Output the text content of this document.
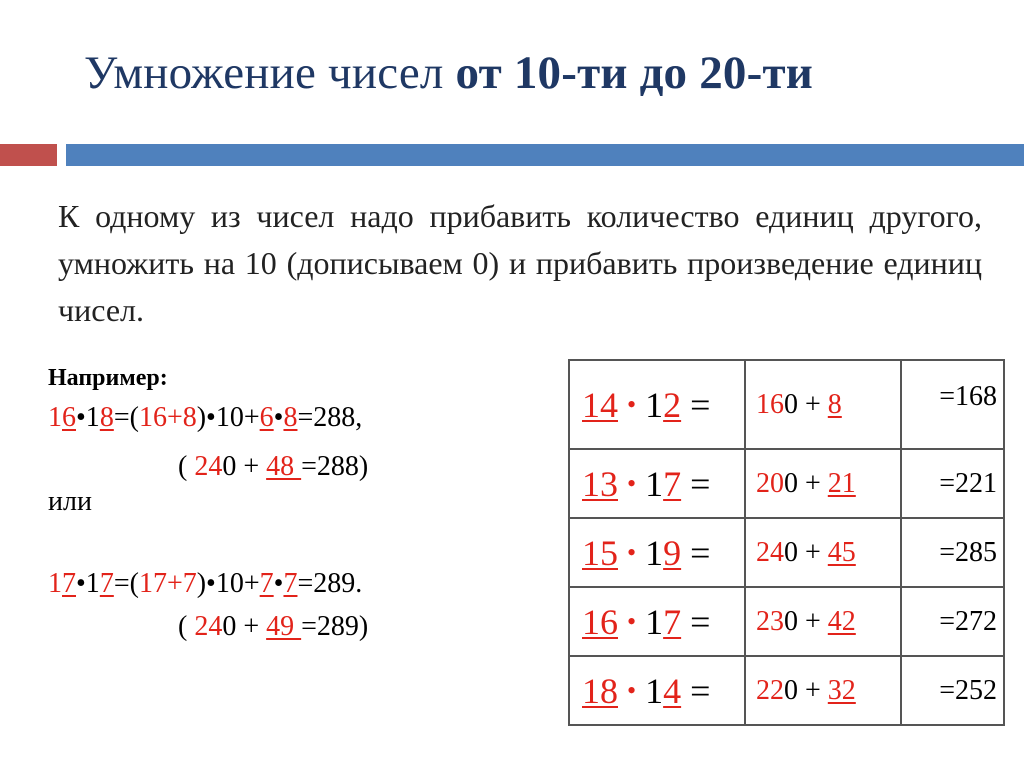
Умножение чисел от 10-ти до 20-ти
К одному из чисел надо прибавить количество единиц другого, умножить на 10 (дописываем 0) и прибавить произведение единиц чисел.
Например:
16•18=(16+8)•10+6•8=288,
( 240 + 48 =288)
или
17•17=(17+7)•10+7•7=289.
( 240 + 49 =289)
14 • 12 =	160 + 8	=168
13 • 17 =	200 + 21	=221
15 • 19 =	240 + 45	=285
16 • 17 =	230 + 42	=272
18 • 14 =	220 + 32	=252
